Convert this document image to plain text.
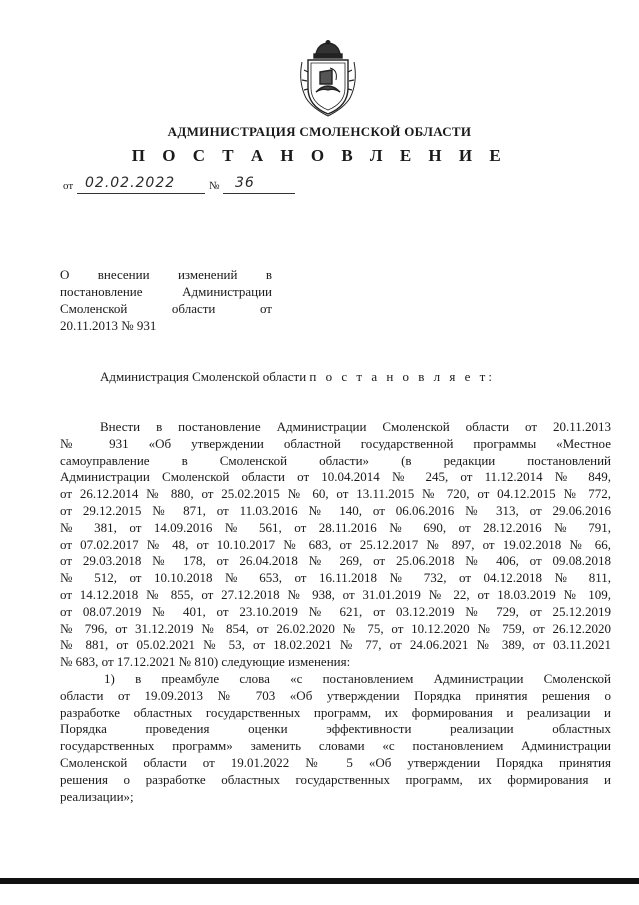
АДМИНИСТРАЦИЯ СМОЛЕНСКОЙ ОБЛАСТИ
П О С Т А Н О В Л Е Н И Е
от 02.02.2022	№ 36
О внесении изменений в
постановление Администрации
Смоленской области от
20.11.2013 № 931
Администрация Смоленской области п о с т а н о в л я е т:
Внести в постановление Администрации Смоленской области от 20.11.2013
№ 931 «Об утверждении областной государственной программы «Местное
самоуправление в Смоленской области» (в редакции постановлений
Администрации Смоленской области от 10.04.2014 № 245, от 11.12.2014 № 849,
от 26.12.2014 № 880, от 25.02.2015 № 60, от 13.11.2015 № 720, от 04.12.2015 № 772,
от 29.12.2015 № 871, от 11.03.2016 № 140, от 06.06.2016 № 313, от 29.06.2016
№ 381, от 14.09.2016 № 561, от 28.11.2016 № 690, от 28.12.2016 № 791,
от 07.02.2017 № 48, от 10.10.2017 № 683, от 25.12.2017 № 897, от 19.02.2018 № 66,
от 29.03.2018 № 178, от 26.04.2018 № 269, от 25.06.2018 № 406, от 09.08.2018
№ 512, от 10.10.2018 № 653, от 16.11.2018 № 732, от 04.12.2018 № 811,
от 14.12.2018 № 855, от 27.12.2018 № 938, от 31.01.2019 № 22, от 18.03.2019 № 109,
от 08.07.2019 № 401, от 23.10.2019 № 621, от 03.12.2019 № 729, от 25.12.2019
№ 796, от 31.12.2019 № 854, от 26.02.2020 № 75, от 10.12.2020 № 759, от 26.12.2020
№ 881, от 05.02.2021 № 53, от 18.02.2021 № 77, от 24.06.2021 № 389, от 03.11.2021
№ 683, от 17.12.2021 № 810) следующие изменения:
1) в преамбуле слова «с постановлением Администрации Смоленской
области от 19.09.2013 № 703 «Об утверждении Порядка принятия решения о
разработке областных государственных программ, их формирования и реализации и
Порядка проведения оценки эффективности реализации областных
государственных программ» заменить словами «с постановлением Администрации
Смоленской области от 19.01.2022 № 5 «Об утверждении Порядка принятия
решения о разработке областных государственных программ, их формирования и
реализации»;
